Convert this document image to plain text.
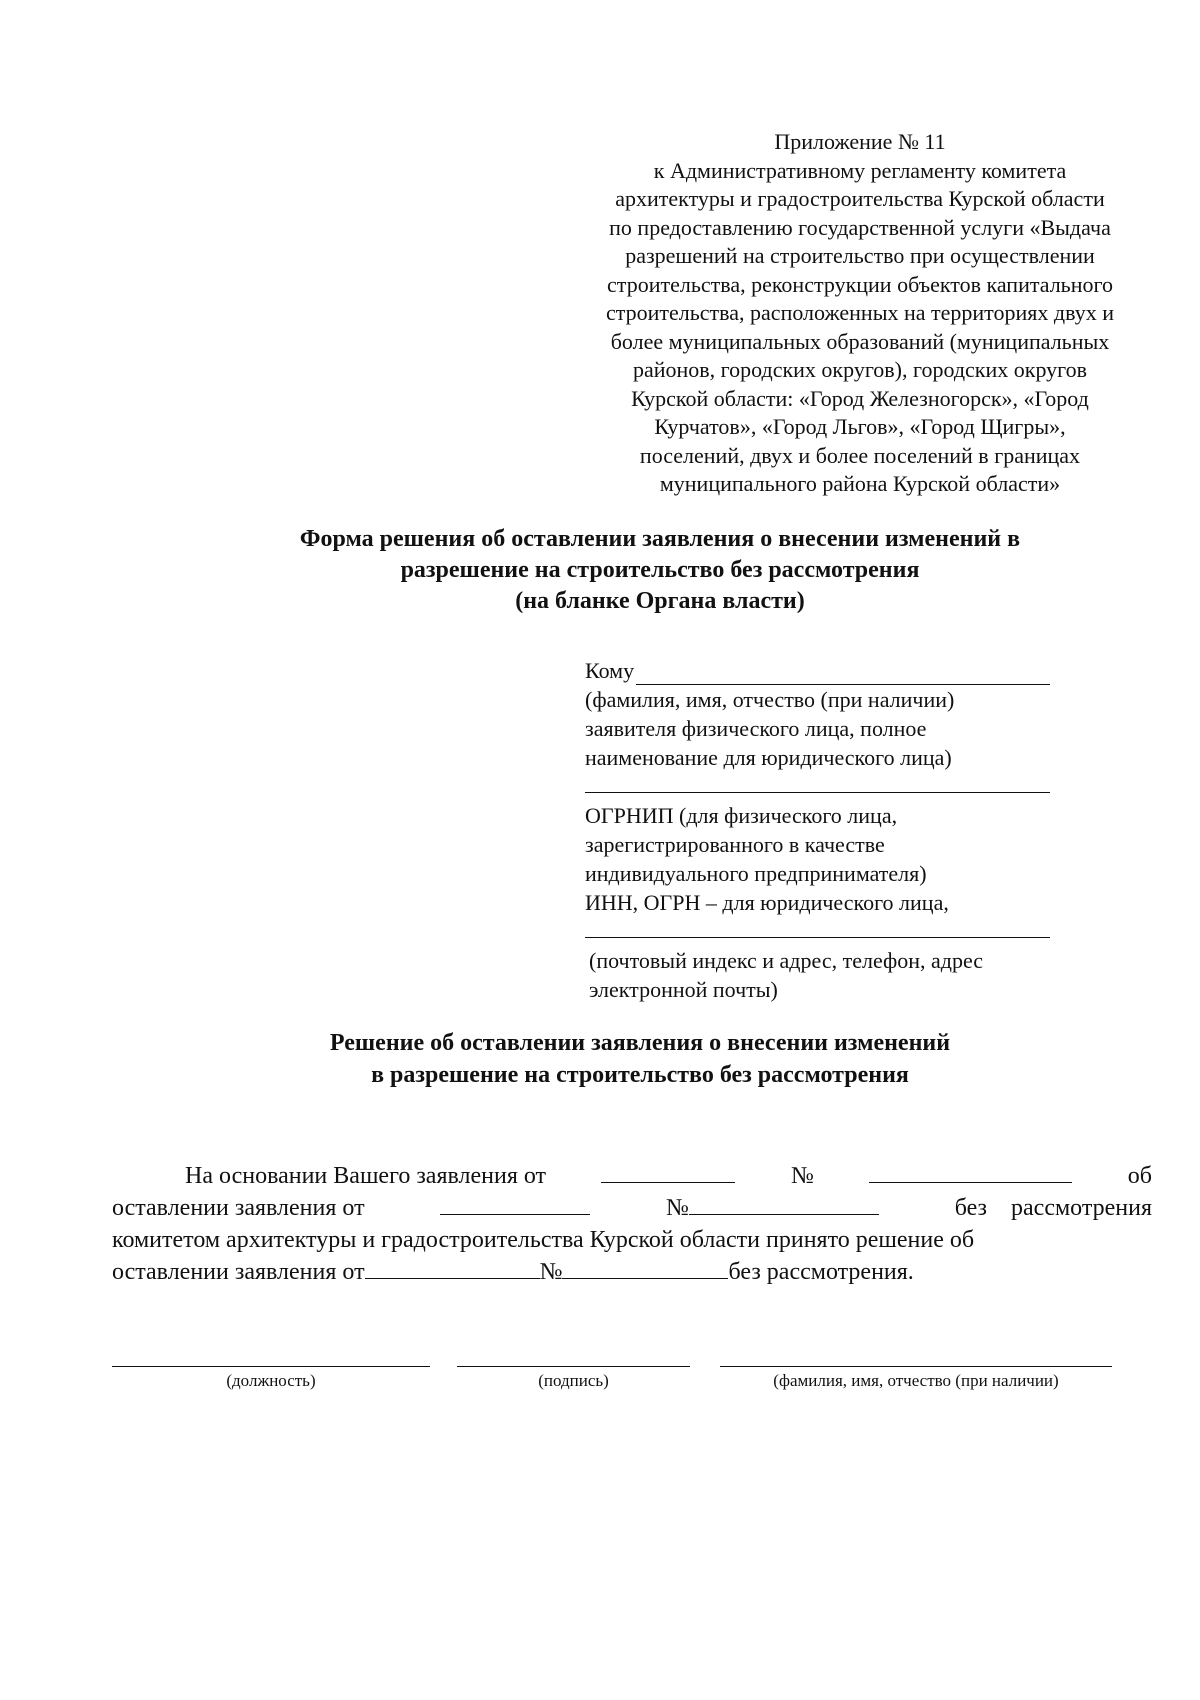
Приложение № 11
к Административному регламенту комитета
архитектуры и градостроительства Курской области
по предоставлению государственной услуги «Выдача
разрешений на строительство при осуществлении
строительства, реконструкции объектов капитального
строительства, расположенных на территориях двух и
более муниципальных образований (муниципальных
районов, городских округов), городских округов
Курской области: «Город Железногорск», «Город
Курчатов», «Город Льгов», «Город Щигры»,
поселений, двух и более поселений в границах
муниципального района Курской области»
Форма решения об оставлении заявления о внесении изменений в
разрешение на строительство без рассмотрения
(на бланке Органа власти)
Кому
(фамилия, имя, отчество (при наличии)
заявителя физического лица, полное
наименование для юридического лица)
ОГРНИП (для физического лица,
зарегистрированного в качестве
индивидуального предпринимателя)
ИНН, ОГРН – для юридического лица,
(почтовый индекс и адрес, телефон, адрес
электронной почты)
Решение об оставлении заявления о внесении изменений
в разрешение на строительство без рассмотрения
На основании Вашего заявления от	№	об
оставлении заявления от	№	без рассмотрения
комитетом архитектуры и градостроительства Курской области принято решение об
оставлении заявления от	№	без рассмотрения.
(должность)	(подпись)	(фамилия, имя, отчество (при наличии)
